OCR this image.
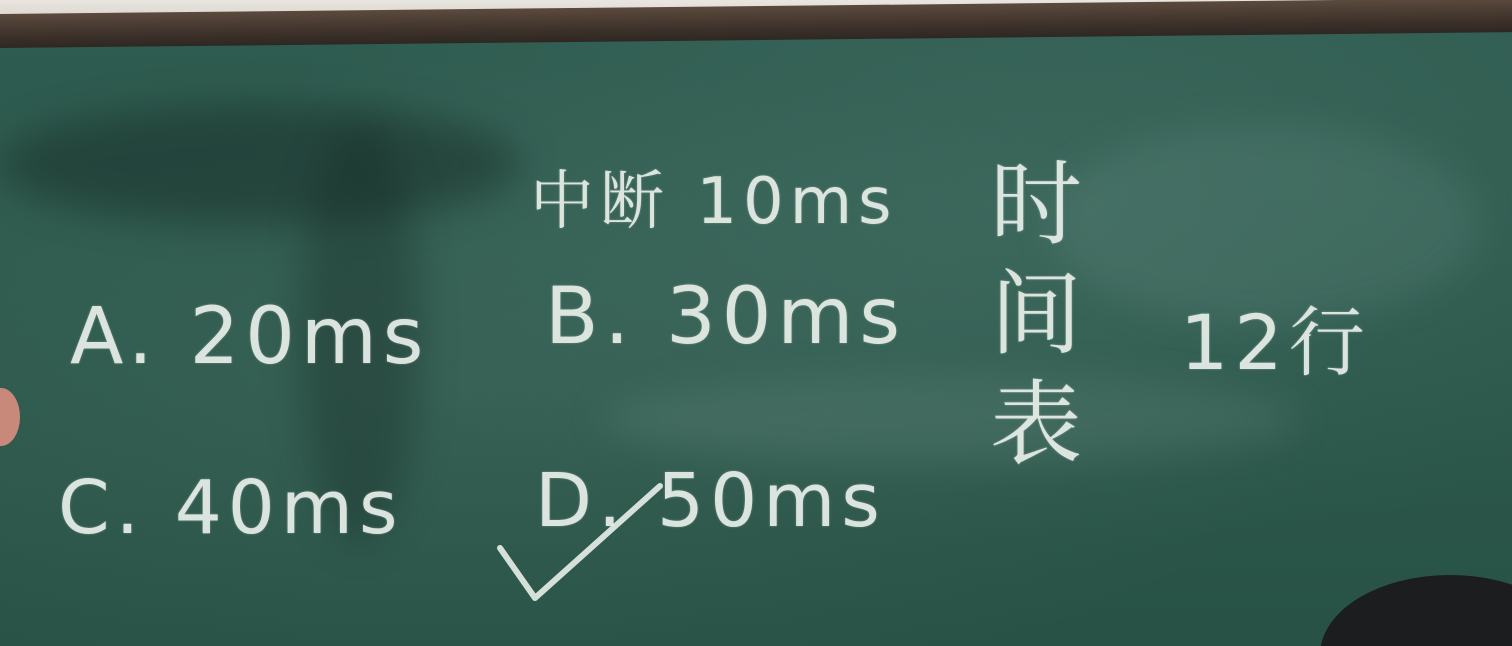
中断 10ms
A. 20ms B. 30ms
C. 40ms D. 50ms
时
间
表
12行
